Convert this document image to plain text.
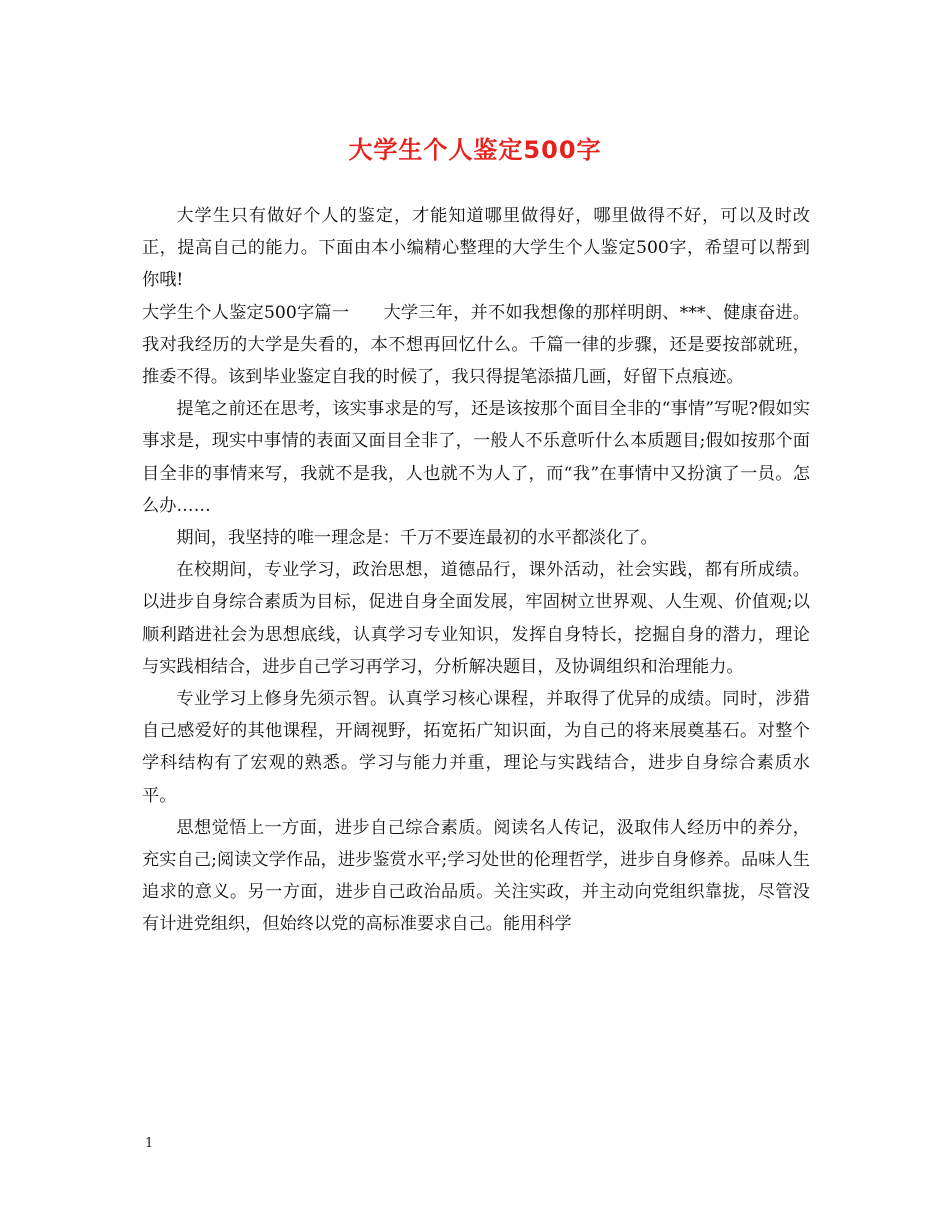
大学生个人鉴定500字

大学生只有做好个人的鉴定，才能知道哪里做得好，哪里做得不好，可以及时改正，提高自己的能力。下面由本小编精心整理的大学生个人鉴定500字，希望可以帮到你哦!

大学生个人鉴定500字篇一 大学三年，并不如我想像的那样明朗、***、健康奋进。我对我经历的大学是失看的，本不想再回忆什么。千篇一律的步骤，还是要按部就班，推委不得。该到毕业鉴定自我的时候了，我只得提笔添描几画，好留下点痕迹。

提笔之前还在思考，该实事求是的写，还是该按那个面目全非的“事情”写呢?假如实事求是，现实中事情的表面又面目全非了，一般人不乐意听什么本质题目;假如按那个面目全非的事情来写，我就不是我，人也就不为人了，而“我”在事情中又扮演了一员。怎么办……

期间，我坚持的唯一理念是：千万不要连最初的水平都淡化了。

在校期间，专业学习，政治思想，道德品行，课外活动，社会实践，都有所成绩。以进步自身综合素质为目标，促进自身全面发展，牢固树立世界观、人生观、价值观;以顺利踏进社会为思想底线，认真学习专业知识，发挥自身特长，挖掘自身的潜力，理论与实践相结合，进步自己学习再学习，分析解决题目，及协调组织和治理能力。

专业学习上修身先须示智。认真学习核心课程，并取得了优异的成绩。同时，涉猎自己感爱好的其他课程，开阔视野，拓宽拓广知识面，为自己的将来展奠基石。对整个学科结构有了宏观的熟悉。学习与能力并重，理论与实践结合，进步自身综合素质水平。

思想觉悟上一方面，进步自己综合素质。阅读名人传记，汲取伟人经历中的养分，充实自己;阅读文学作品，进步鉴赏水平;学习处世的伦理哲学，进步自身修养。品味人生追求的意义。另一方面，进步自己政治品质。关注实政，并主动向党组织靠拢，尽管没有计进党组织，但始终以党的高标准要求自己。能用科学

1
